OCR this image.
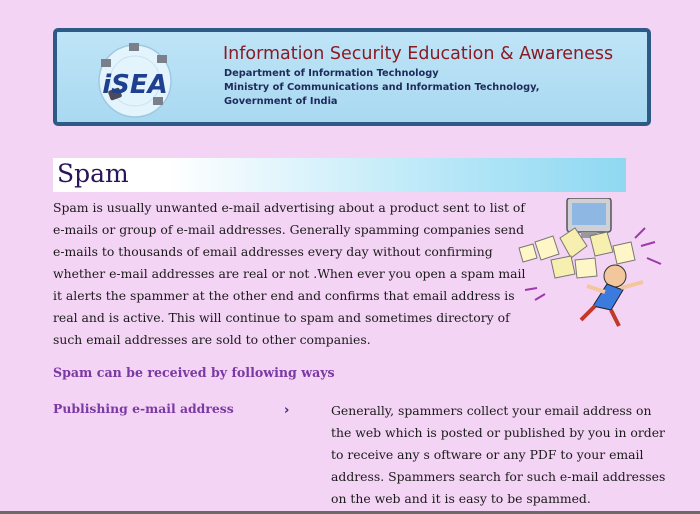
iSEA
Information Security Education & Awareness
Department of Information Technology
Ministry of Communications and Information Technology,
Government of India
Spam
Spam is usually unwanted e-mail advertising about a product sent to list of
e-mails or group of e-mail addresses. Generally spamming companies send
e-mails to thousands of email addresses every day without confirming
whether e-mail addresses are real or not .When ever you open a spam mail
it alerts the spammer at the other end and confirms that email address is
real and is active. This will continue to spam and sometimes directory of
such email addresses are sold to other companies.
Spam can be received by following ways
Publishing e-mail address	›	Generally, spammers collect your email address on
the web which is posted or published by you in order
to receive any s oftware or any PDF to your email
address. Spammers search for such e-mail addresses
on the web and it is easy to be spammed.
